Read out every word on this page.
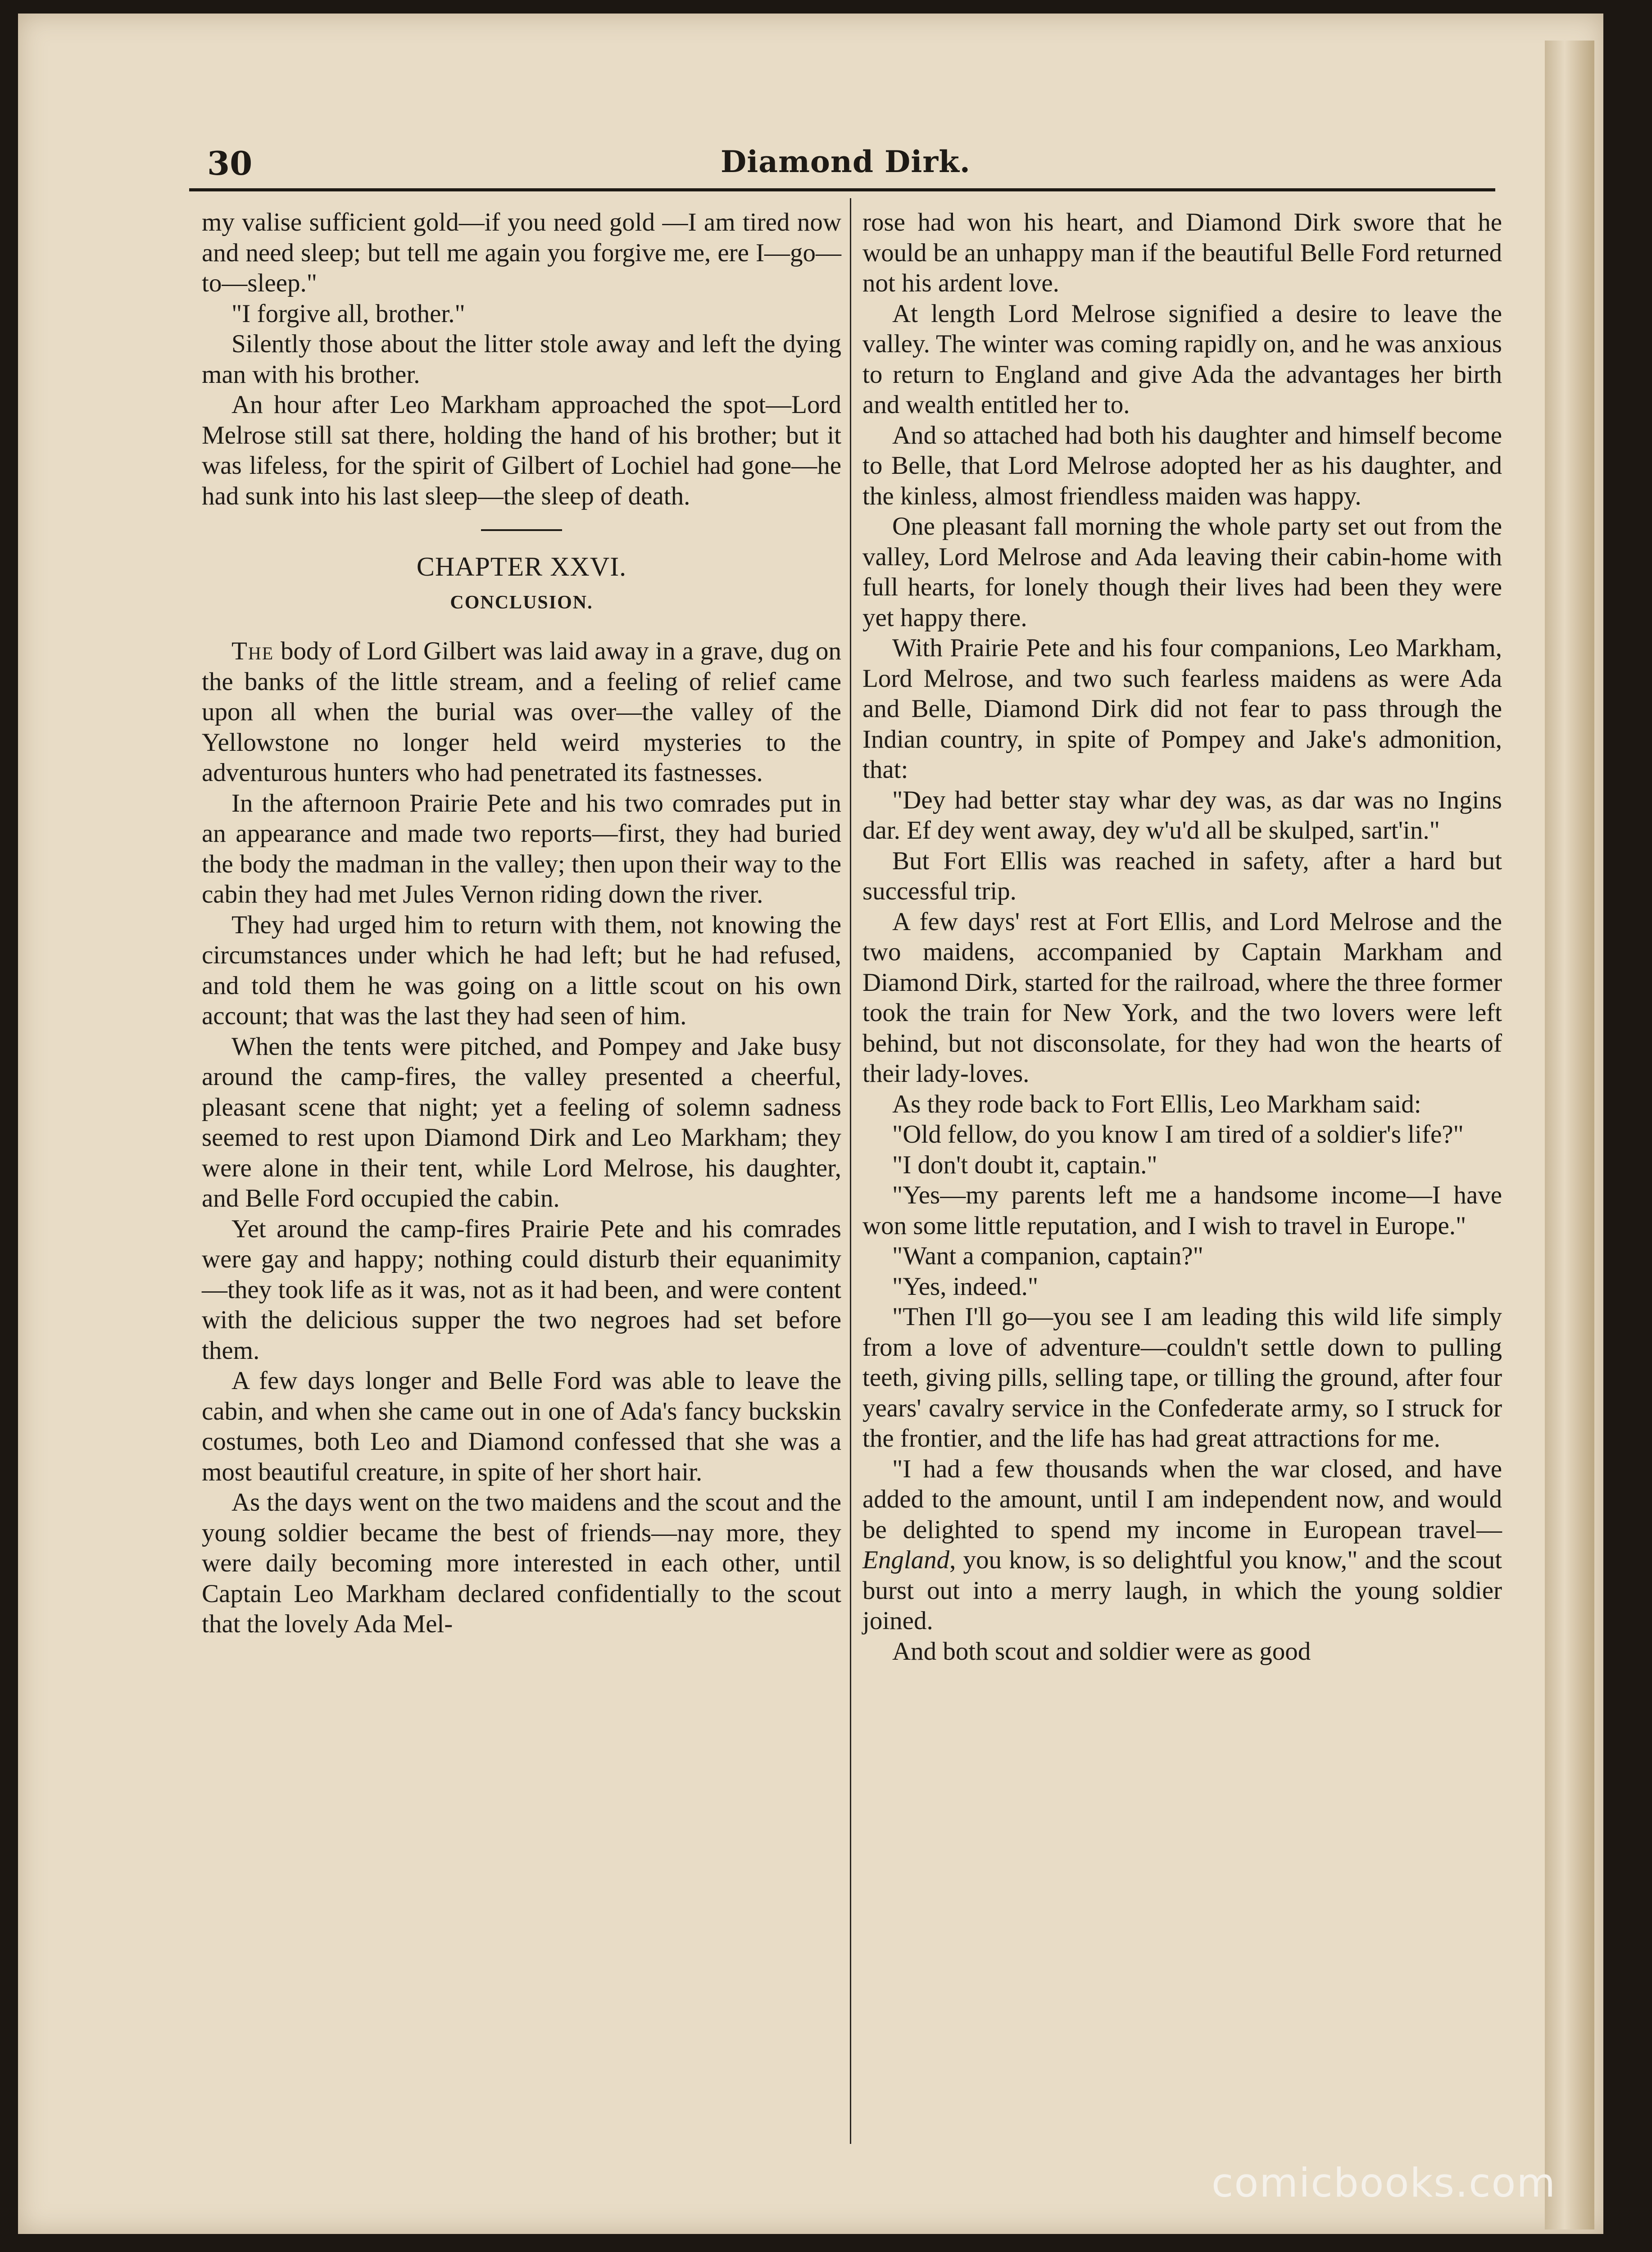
30	Diamond Dirk.

my valise sufficient gold—if you need gold —I am tired now and need sleep; but tell me again you forgive me, ere I—go—to—sleep."

"I forgive all, brother."

Silently those about the litter stole away and left the dying man with his brother.

An hour after Leo Markham approached the spot—Lord Melrose still sat there, holding the hand of his brother; but it was lifeless, for the spirit of Gilbert of Lochiel had gone—he had sunk into his last sleep—the sleep of death.

CHAPTER XXVI.
CONCLUSION.

The body of Lord Gilbert was laid away in a grave, dug on the banks of the little stream, and a feeling of relief came upon all when the burial was over—the valley of the Yellowstone no longer held weird mysteries to the adventurous hunters who had penetrated its fastnesses.

In the afternoon Prairie Pete and his two comrades put in an appearance and made two reports—first, they had buried the body the madman in the valley; then upon their way to the cabin they had met Jules Vernon riding down the river.

They had urged him to return with them, not knowing the circumstances under which he had left; but he had refused, and told them he was going on a little scout on his own account; that was the last they had seen of him.

When the tents were pitched, and Pompey and Jake busy around the camp-fires, the valley presented a cheerful, pleasant scene that night; yet a feeling of solemn sadness seemed to rest upon Diamond Dirk and Leo Markham; they were alone in their tent, while Lord Melrose, his daughter, and Belle Ford occupied the cabin.

Yet around the camp-fires Prairie Pete and his comrades were gay and happy; nothing could disturb their equanimity—they took life as it was, not as it had been, and were content with the delicious supper the two negroes had set before them.

A few days longer and Belle Ford was able to leave the cabin, and when she came out in one of Ada's fancy buckskin costumes, both Leo and Diamond confessed that she was a most beautiful creature, in spite of her short hair.

As the days went on the two maidens and the scout and the young soldier became the best of friends—nay more, they were daily becoming more interested in each other, until Captain Leo Markham declared confidentially to the scout that the lovely Ada Mel-

rose had won his heart, and Diamond Dirk swore that he would be an unhappy man if the beautiful Belle Ford returned not his ardent love.

At length Lord Melrose signified a desire to leave the valley. The winter was coming rapidly on, and he was anxious to return to England and give Ada the advantages her birth and wealth entitled her to.

And so attached had both his daughter and himself become to Belle, that Lord Melrose adopted her as his daughter, and the kinless, almost friendless maiden was happy.

One pleasant fall morning the whole party set out from the valley, Lord Melrose and Ada leaving their cabin-home with full hearts, for lonely though their lives had been they were yet happy there.

With Prairie Pete and his four companions, Leo Markham, Lord Melrose, and two such fearless maidens as were Ada and Belle, Diamond Dirk did not fear to pass through the Indian country, in spite of Pompey and Jake's admonition, that:

"Dey had better stay whar dey was, as dar was no Ingins dar. Ef dey went away, dey w'u'd all be skulped, sart'in."

But Fort Ellis was reached in safety, after a hard but successful trip.

A few days' rest at Fort Ellis, and Lord Melrose and the two maidens, accompanied by Captain Markham and Diamond Dirk, started for the railroad, where the three former took the train for New York, and the two lovers were left behind, but not disconsolate, for they had won the hearts of their lady-loves.

As they rode back to Fort Ellis, Leo Markham said:

"Old fellow, do you know I am tired of a soldier's life?"

"I don't doubt it, captain."

"Yes—my parents left me a handsome income—I have won some little reputation, and I wish to travel in Europe."

"Want a companion, captain?"

"Yes, indeed."

"Then I'll go—you see I am leading this wild life simply from a love of adventure—couldn't settle down to pulling teeth, giving pills, selling tape, or tilling the ground, after four years' cavalry service in the Confederate army, so I struck for the frontier, and the life has had great attractions for me.

"I had a few thousands when the war closed, and have added to the amount, until I am independent now, and would be delighted to spend my income in European travel—England, you know, is so delightful you know," and the scout burst out into a merry laugh, in which the young soldier joined.

And both scout and soldier were as good

comicbooks.com
